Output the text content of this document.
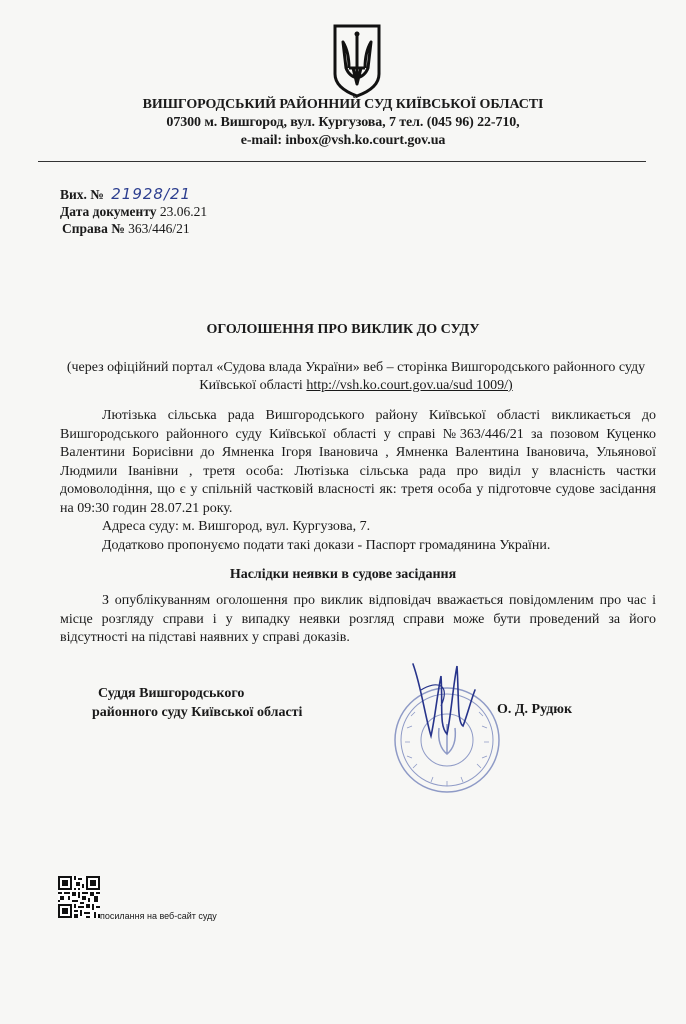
ВИШГОРОДСЬКИЙ РАЙОННИЙ СУД КИЇВСЬКОЇ ОБЛАСТІ
07300 м. Вишгород, вул. Кургузова, 7 тел. (045 96) 22-710,
e-mail: inbox@vsh.ko.court.gov.ua
Вих. № 21928/21
Дата документу 23.06.21
Справа № 363/446/21
ОГОЛОШЕННЯ ПРО ВИКЛИК ДО СУДУ
(через офіційний портал «Судова влада України» веб – сторінка Вишгородського районного суду Київської області http://vsh.ko.court.gov.ua/sud 1009/)

Лютізька сільська рада Вишгородського району Київської області викликається до Вишгородського районного суду Київської області у справі №363/446/21 за позовом Куценко Валентини Борисівни до Ямненка Ігоря Івановича , Ямненка Валентина Івановича, Ульянової Людмили Іванівни , третя особа: Лютізька сільська рада про виділ у власність частки домоволодіння, що є у спільній частковій власності як: третя особа у підготовче судове засідання на 09:30 годин 28.07.21 року.

Адреса суду: м. Вишгород, вул. Кургузова, 7.

Додатково пропонуємо подати такі докази - Паспорт громадянина України.

Наслідки неявки в судове засідання
З опублікуванням оголошення про виклик відповідач вважається повідомленим про час і місце розгляду справи і у випадку неявки розгляд справи може бути проведений за його відсутності на підставі наявних у справі доказів.
Суддя Вишгородського
районного суду Київської області	О. Д. Рудюк
посилання на веб-сайт суду
